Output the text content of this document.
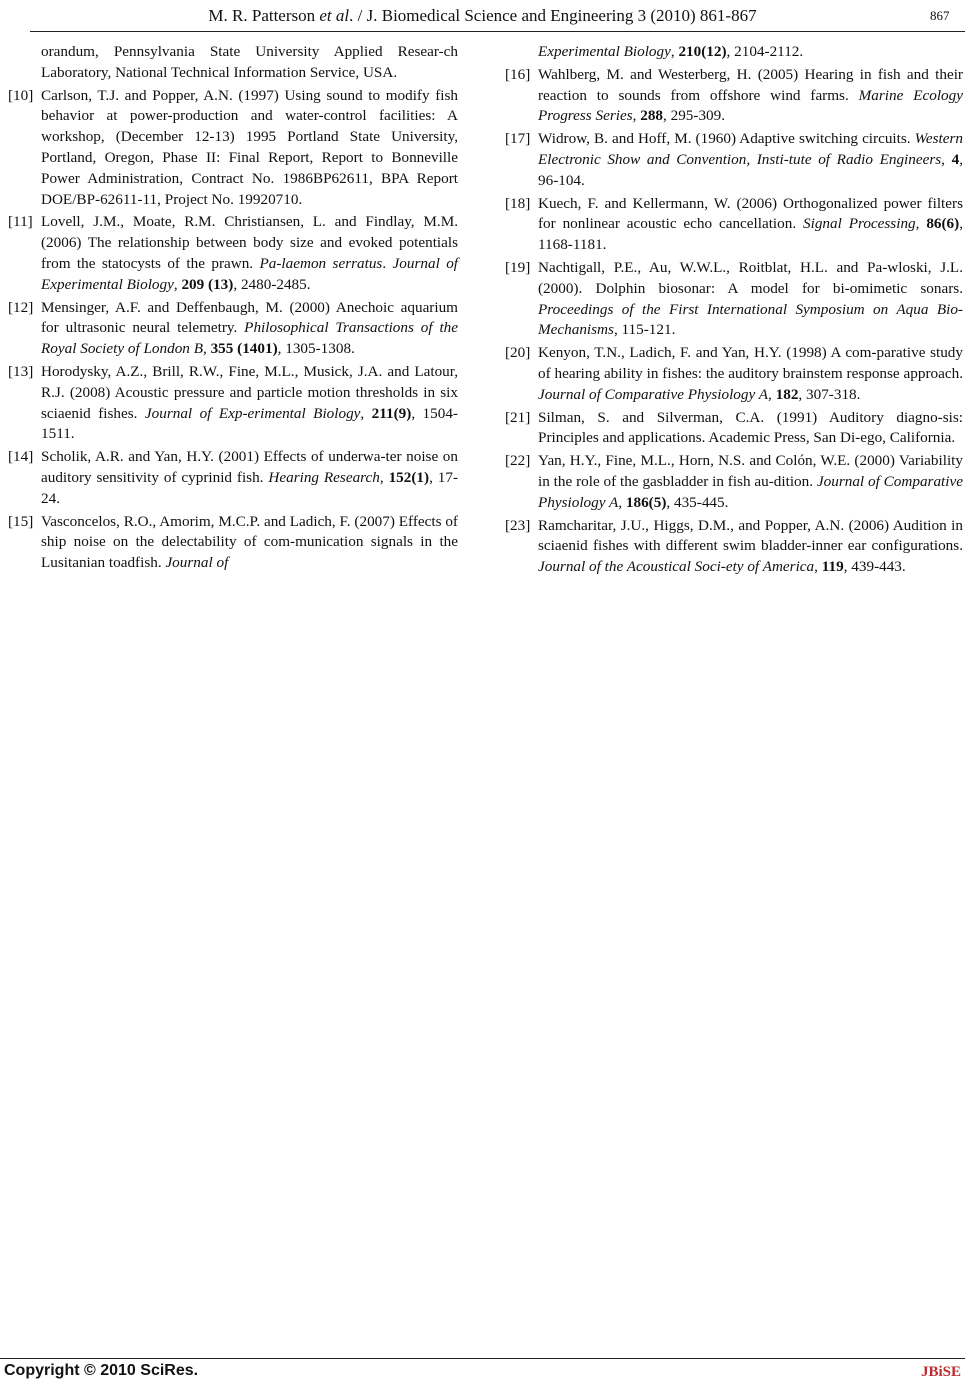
M. R. Patterson et al. / J. Biomedical Science and Engineering 3 (2010) 861-867	867
orandum, Pennsylvania State University Applied Resear-ch Laboratory, National Technical Information Service, USA.
[10] Carlson, T.J. and Popper, A.N. (1997) Using sound to modify fish behavior at power-production and water-control facilities: A workshop, (December 12-13) 1995 Portland State University, Portland, Oregon, Phase II: Final Report, Report to Bonneville Power Administration, Contract No. 1986BP62611, BPA Report DOE/BP-62611-11, Project No. 19920710.
[11] Lovell, J.M., Moate, R.M. Christiansen, L. and Findlay, M.M. (2006) The relationship between body size and evoked potentials from the statocysts of the prawn. Pa-laemon serratus. Journal of Experimental Biology, 209 (13), 2480-2485.
[12] Mensinger, A.F. and Deffenbaugh, M. (2000) Anechoic aquarium for ultrasonic neural telemetry. Philosophical Transactions of the Royal Society of London B, 355 (1401), 1305-1308.
[13] Horodysky, A.Z., Brill, R.W., Fine, M.L., Musick, J.A. and Latour, R.J. (2008) Acoustic pressure and particle motion thresholds in six sciaenid fishes. Journal of Exp-erimental Biology, 211(9), 1504-1511.
[14] Scholik, A.R. and Yan, H.Y. (2001) Effects of underwa-ter noise on auditory sensitivity of cyprinid fish. Hearing Research, 152(1), 17-24.
[15] Vasconcelos, R.O., Amorim, M.C.P. and Ladich, F. (2007) Effects of ship noise on the delectability of com-munication signals in the Lusitanian toadfish. Journal of
Experimental Biology, 210(12), 2104-2112.
[16] Wahlberg, M. and Westerberg, H. (2005) Hearing in fish and their reaction to sounds from offshore wind farms. Marine Ecology Progress Series, 288, 295-309.
[17] Widrow, B. and Hoff, M. (1960) Adaptive switching circuits. Western Electronic Show and Convention, Insti-tute of Radio Engineers, 4, 96-104.
[18] Kuech, F. and Kellermann, W. (2006) Orthogonalized power filters for nonlinear acoustic echo cancellation. Signal Processing, 86(6), 1168-1181.
[19] Nachtigall, P.E., Au, W.W.L., Roitblat, H.L. and Pa-wloski, J.L. (2000). Dolphin biosonar: A model for bi-omimetic sonars. Proceedings of the First International Symposium on Aqua Bio-Mechanisms, 115-121.
[20] Kenyon, T.N., Ladich, F. and Yan, H.Y. (1998) A com-parative study of hearing ability in fishes: the auditory brainstem response approach. Journal of Comparative Physiology A, 182, 307-318.
[21] Silman, S. and Silverman, C.A. (1991) Auditory diagno-sis: Principles and applications. Academic Press, San Di-ego, California.
[22] Yan, H.Y., Fine, M.L., Horn, N.S. and Colón, W.E. (2000) Variability in the role of the gasbladder in fish au-dition. Journal of Comparative Physiology A, 186(5), 435-445.
[23] Ramcharitar, J.U., Higgs, D.M., and Popper, A.N. (2006) Audition in sciaenid fishes with different swim bladder-inner ear configurations. Journal of the Acoustical Soci-ety of America, 119, 439-443.
Copyright © 2010 SciRes.	JBiSE
